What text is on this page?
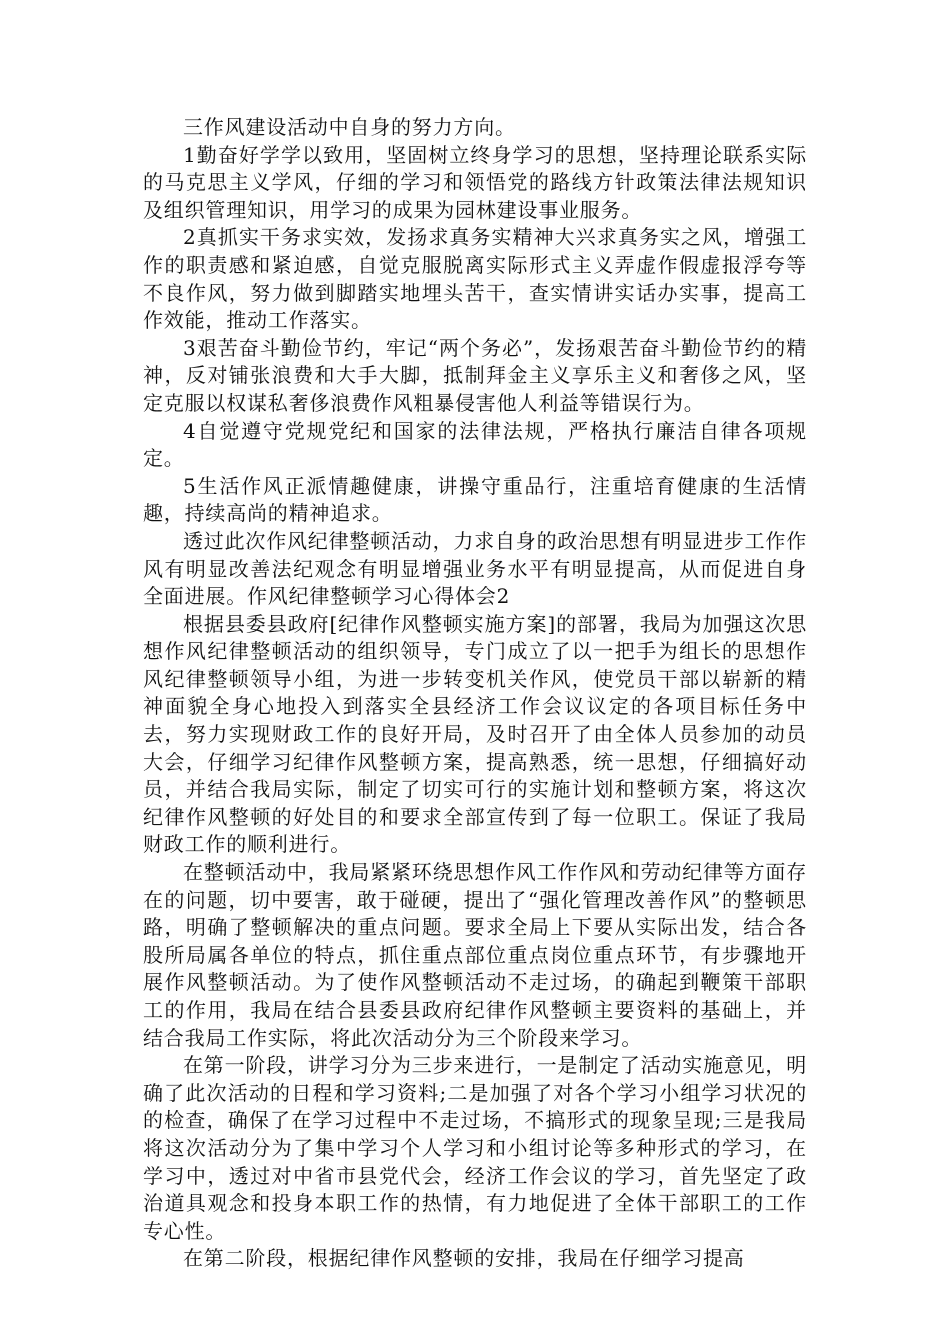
三作风建设活动中自身的努力方向。

1勤奋好学学以致用，坚固树立终身学习的思想，坚持理论联系实际的马克思主义学风，仔细的学习和领悟党的路线方针政策法律法规知识及组织管理知识，用学习的成果为园林建设事业服务。

2真抓实干务求实效，发扬求真务实精神大兴求真务实之风，增强工作的职责感和紧迫感，自觉克服脱离实际形式主义弄虚作假虚报浮夸等不良作风，努力做到脚踏实地埋头苦干，查实情讲实话办实事，提高工作效能，推动工作落实。

3艰苦奋斗勤俭节约，牢记“两个务必”，发扬艰苦奋斗勤俭节约的精神，反对铺张浪费和大手大脚，抵制拜金主义享乐主义和奢侈之风，坚定克服以权谋私奢侈浪费作风粗暴侵害他人利益等错误行为。

4自觉遵守党规党纪和国家的法律法规，严格执行廉洁自律各项规定。

5生活作风正派情趣健康，讲操守重品行，注重培育健康的生活情趣，持续高尚的精神追求。

透过此次作风纪律整顿活动，力求自身的政治思想有明显进步工作作风有明显改善法纪观念有明显增强业务水平有明显提高，从而促进自身全面进展。作风纪律整顿学习心得体会2

根据县委县政府[纪律作风整顿实施方案]的部署，我局为加强这次思想作风纪律整顿活动的组织领导，专门成立了以一把手为组长的思想作风纪律整顿领导小组，为进一步转变机关作风，使党员干部以崭新的精神面貌全身心地投入到落实全县经济工作会议议定的各项目标任务中去，努力实现财政工作的良好开局，及时召开了由全体人员参加的动员大会，仔细学习纪律作风整顿方案，提高熟悉，统一思想，仔细搞好动员，并结合我局实际，制定了切实可行的实施计划和整顿方案，将这次纪律作风整顿的好处目的和要求全部宣传到了每一位职工。保证了我局财政工作的顺利进行。

在整顿活动中，我局紧紧环绕思想作风工作作风和劳动纪律等方面存在的问题，切中要害，敢于碰硬，提出了“强化管理改善作风”的整顿思路，明确了整顿解决的重点问题。要求全局上下要从实际出发，结合各股所局属各单位的特点，抓住重点部位重点岗位重点环节，有步骤地开展作风整顿活动。为了使作风整顿活动不走过场，的确起到鞭策干部职工的作用，我局在结合县委县政府纪律作风整顿主要资料的基础上，并结合我局工作实际，将此次活动分为三个阶段来学习。

在第一阶段，讲学习分为三步来进行，一是制定了活动实施意见，明确了此次活动的日程和学习资料;二是加强了对各个学习小组学习状况的的检查，确保了在学习过程中不走过场，不搞形式的现象呈现;三是我局将这次活动分为了集中学习个人学习和小组讨论等多种形式的学习，在学习中，透过对中省市县党代会，经济工作会议的学习，首先坚定了政治道具观念和投身本职工作的热情，有力地促进了全体干部职工的工作专心性。

在第二阶段，根据纪律作风整顿的安排，我局在仔细学习提高
